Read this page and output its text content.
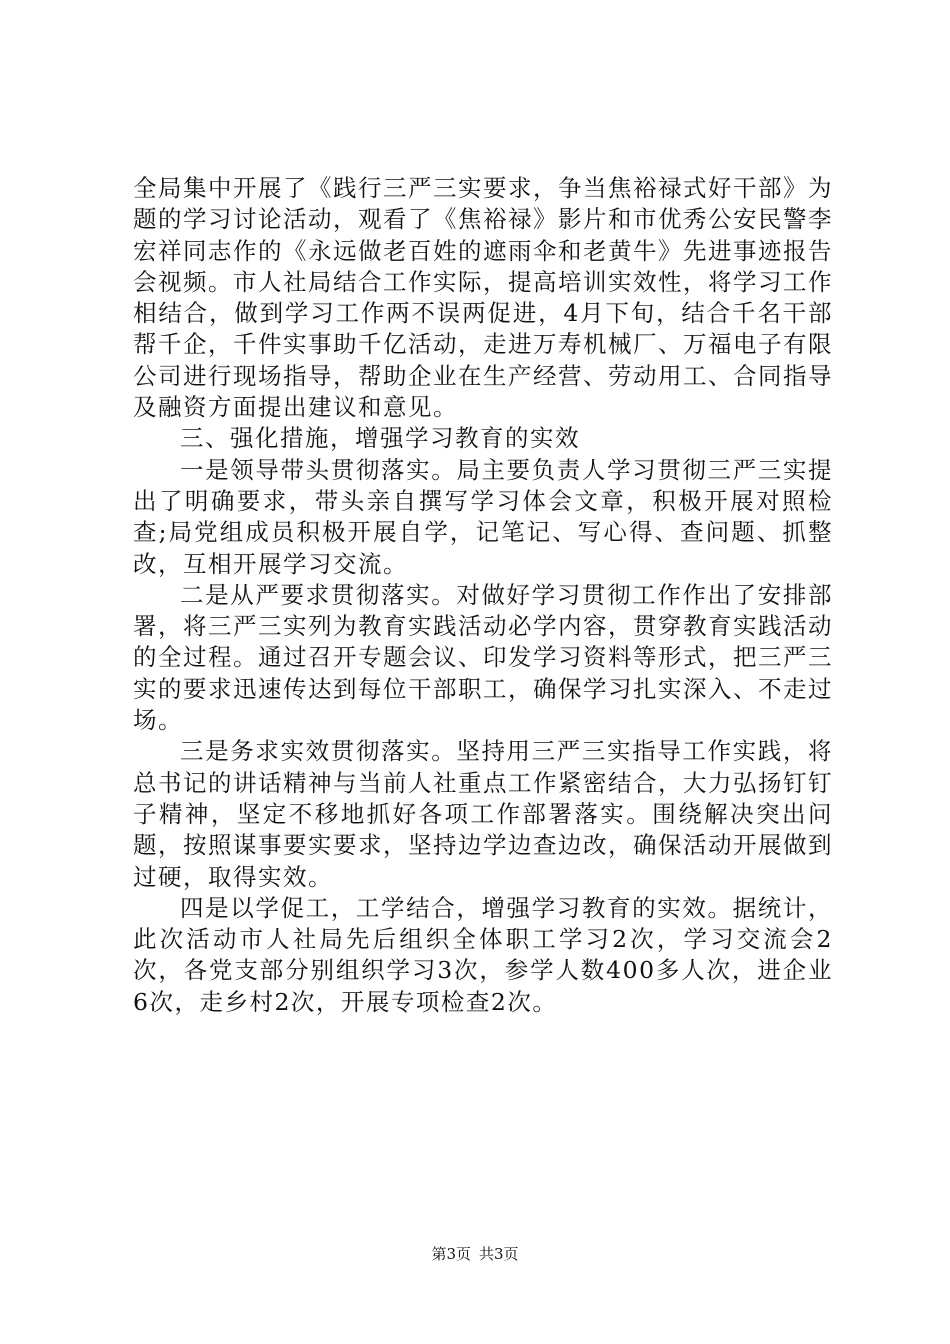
全局集中开展了《践行三严三实要求，争当焦裕禄式好干部》为题的学习讨论活动，观看了《焦裕禄》影片和市优秀公安民警李宏祥同志作的《永远做老百姓的遮雨伞和老黄牛》先进事迹报告会视频。市人社局结合工作实际，提高培训实效性，将学习工作相结合，做到学习工作两不误两促进，4月下旬，结合千名干部帮千企，千件实事助千亿活动，走进万寿机械厂、万福电子有限公司进行现场指导，帮助企业在生产经营、劳动用工、合同指导及融资方面提出建议和意见。

三、强化措施，增强学习教育的实效

一是领导带头贯彻落实。局主要负责人学习贯彻三严三实提出了明确要求，带头亲自撰写学习体会文章，积极开展对照检查;局党组成员积极开展自学，记笔记、写心得、查问题、抓整改，互相开展学习交流。

二是从严要求贯彻落实。对做好学习贯彻工作作出了安排部署，将三严三实列为教育实践活动必学内容，贯穿教育实践活动的全过程。通过召开专题会议、印发学习资料等形式，把三严三实的要求迅速传达到每位干部职工，确保学习扎实深入、不走过场。

三是务求实效贯彻落实。坚持用三严三实指导工作实践，将总书记的讲话精神与当前人社重点工作紧密结合，大力弘扬钉钉子精神，坚定不移地抓好各项工作部署落实。围绕解决突出问题，按照谋事要实要求，坚持边学边查边改，确保活动开展做到过硬，取得实效。

四是以学促工，工学结合，增强学习教育的实效。据统计，此次活动市人社局先后组织全体职工学习2次，学习交流会2次，各党支部分别组织学习3次，参学人数400多人次，进企业6次，走乡村2次，开展专项检查2次。

第3页 共3页
